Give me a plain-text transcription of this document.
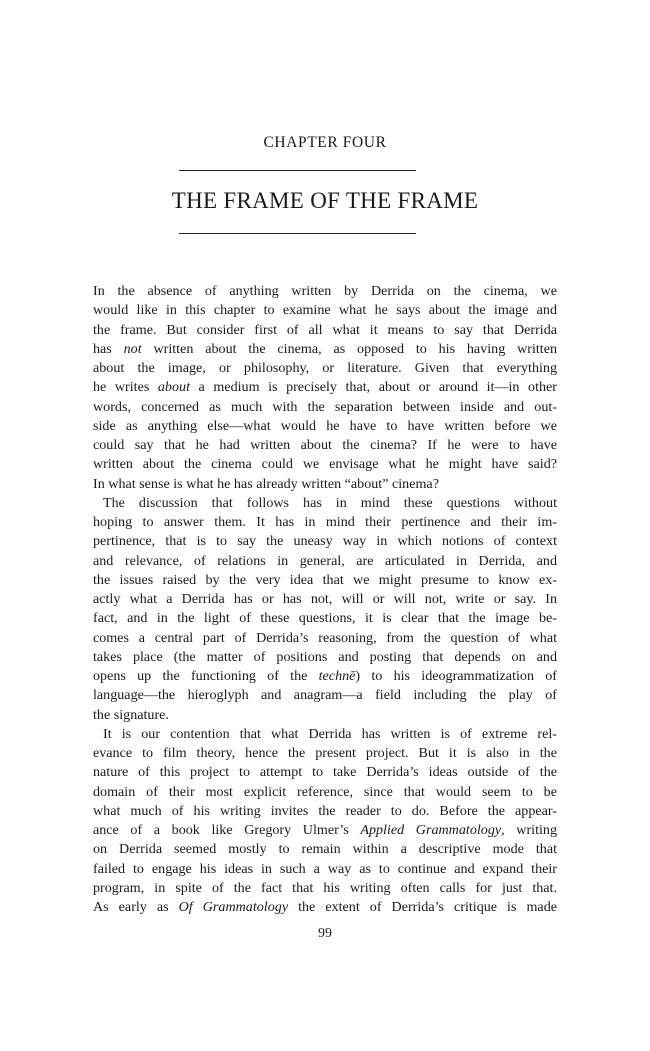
CHAPTER FOUR
THE FRAME OF THE FRAME
In the absence of anything written by Derrida on the cinema, we
would like in this chapter to examine what he says about the image and
the frame. But consider first of all what it means to say that Derrida
has not written about the cinema, as opposed to his having written
about the image, or philosophy, or literature. Given that everything
he writes about a medium is precisely that, about or around it—in other
words, concerned as much with the separation between inside and out-
side as anything else—what would he have to have written before we
could say that he had written about the cinema? If he were to have
written about the cinema could we envisage what he might have said?
In what sense is what he has already written “about” cinema?
The discussion that follows has in mind these questions without
hoping to answer them. It has in mind their pertinence and their im-
pertinence, that is to say the uneasy way in which notions of context
and relevance, of relations in general, are articulated in Derrida, and
the issues raised by the very idea that we might presume to know ex-
actly what a Derrida has or has not, will or will not, write or say. In
fact, and in the light of these questions, it is clear that the image be-
comes a central part of Derrida’s reasoning, from the question of what
takes place (the matter of positions and posting that depends on and
opens up the functioning of the technē) to his ideogrammatization of
language—the hieroglyph and anagram—a field including the play of
the signature.
It is our contention that what Derrida has written is of extreme rel-
evance to film theory, hence the present project. But it is also in the
nature of this project to attempt to take Derrida’s ideas outside of the
domain of their most explicit reference, since that would seem to be
what much of his writing invites the reader to do. Before the appear-
ance of a book like Gregory Ulmer’s Applied Grammatology, writing
on Derrida seemed mostly to remain within a descriptive mode that
failed to engage his ideas in such a way as to continue and expand their
program, in spite of the fact that his writing often calls for just that.
As early as Of Grammatology the extent of Derrida’s critique is made
99
